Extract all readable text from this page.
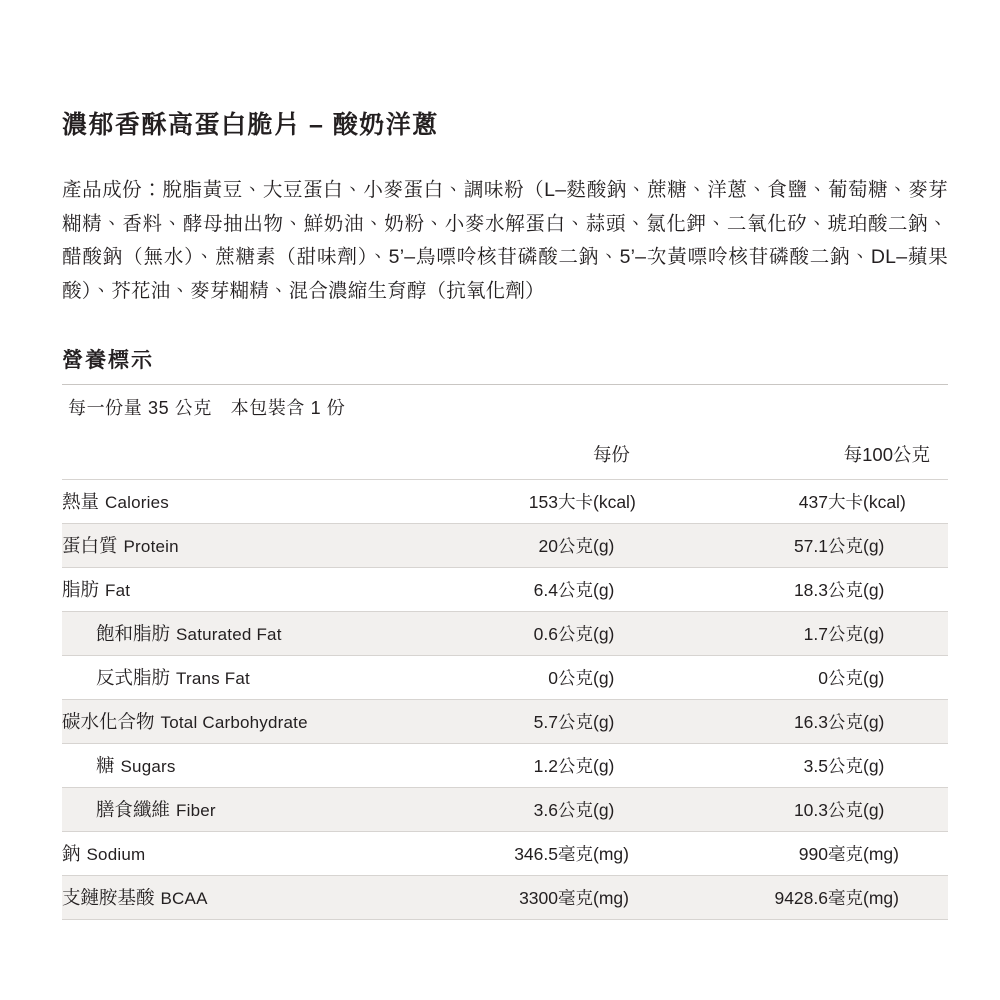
濃郁香酥高蛋白脆片 – 酸奶洋蔥

產品成份：脫脂黃豆、大豆蛋白、小麥蛋白、調味粉（L–麩酸鈉、蔗糖、洋蔥、食鹽、葡萄糖、麥芽糊精、香料、酵母抽出物、鮮奶油、奶粉、小麥水解蛋白、蒜頭、氯化鉀、二氧化矽、琥珀酸二鈉、醋酸鈉（無水）、蔗糖素（甜味劑）、5’–鳥嘌呤核苷磷酸二鈉、5’–次黃嘌呤核苷磷酸二鈉、DL–蘋果酸）、芥花油、麥芽糊精、混合濃縮生育醇（抗氧化劑）

營養標示
每一份量 35 公克　本包裝含 1 份
		每份	每100公克	
熱量 Calories	153	大卡(kcal)	437	大卡(kcal)
蛋白質 Protein	20	公克(g)	57.1	公克(g)
脂肪 Fat	6.4	公克(g)	18.3	公克(g)
飽和脂肪 Saturated Fat	0.6	公克(g)	1.7	公克(g)
反式脂肪 Trans Fat	0	公克(g)	0	公克(g)
碳水化合物 Total Carbohydrate	5.7	公克(g)	16.3	公克(g)
糖 Sugars	1.2	公克(g)	3.5	公克(g)
膳食纖維 Fiber	3.6	公克(g)	10.3	公克(g)
鈉 Sodium	346.5	毫克(mg)	990	毫克(mg)
支鏈胺基酸 BCAA	3300	毫克(mg)	9428.6	毫克(mg)
